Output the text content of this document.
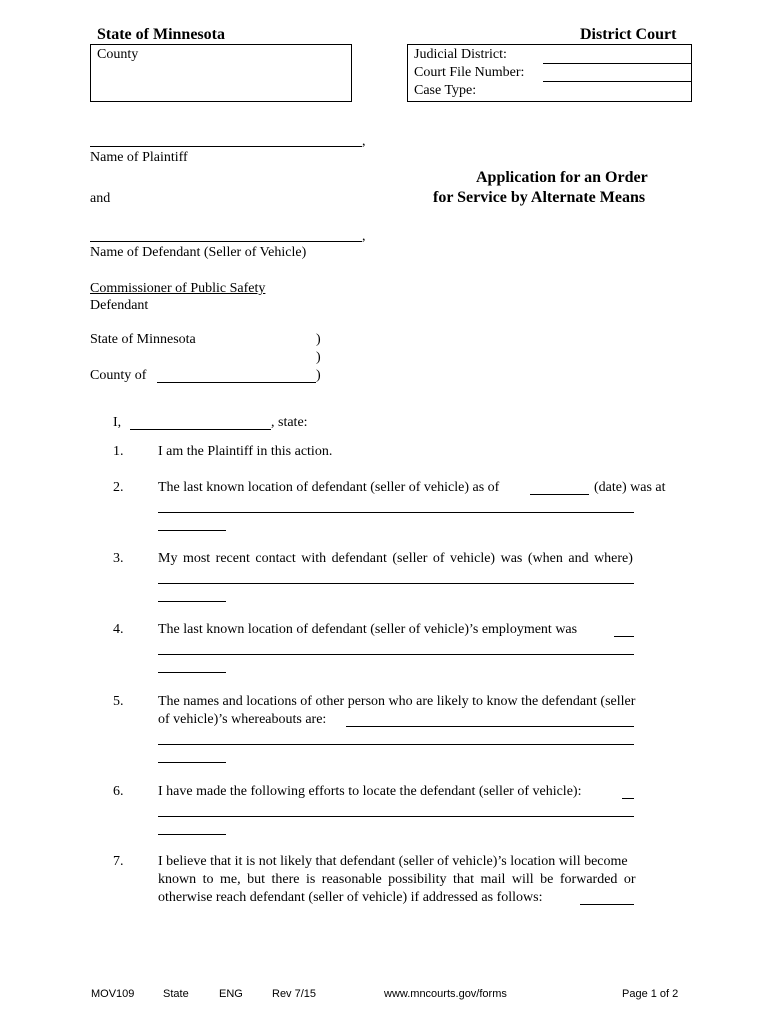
State of Minnesota	District Court
County	Judicial District:
Court File Number:
Case Type:
,
Name of Plaintiff
and
Application for an Order
for Service by Alternate Means
,
Name of Defendant (Seller of Vehicle)
Commissioner of Public Safety
Defendant
State of Minnesota	)
)
County of	)
I,	, state:
1. I am the Plaintiff in this action.
2. The last known location of defendant (seller of vehicle) as of	(date) was at
3. My most recent contact with defendant (seller of vehicle) was (when and where)
4. The last known location of defendant (seller of vehicle)’s employment was
5. The names and locations of other person who are likely to know the defendant (seller
of vehicle)’s whereabouts are:
6. I have made the following efforts to locate the defendant (seller of vehicle):
7. I believe that it is not likely that defendant (seller of vehicle)’s location will become
known to me, but there is reasonable possibility that mail will be forwarded or
otherwise reach defendant (seller of vehicle) if addressed as follows:
MOV109	State	ENG	Rev 7/15	www.mncourts.gov/forms	Page 1 of 2
